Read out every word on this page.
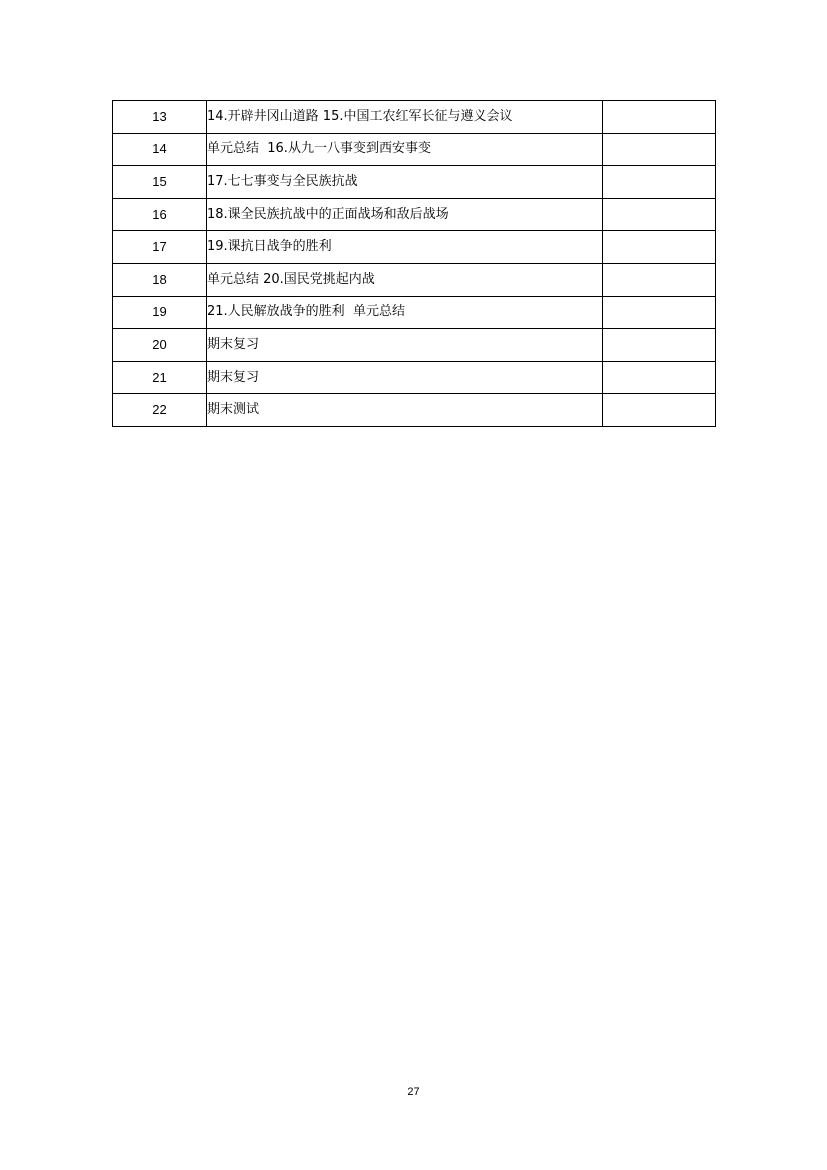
13	14.开辟井冈山道路 15.中国工农红军长征与遵义会议	
14	单元总结  16.从九一八事变到西安事变	
15	17.七七事变与全民族抗战	
16	18.课全民族抗战中的正面战场和敌后战场	
17	19.课抗日战争的胜利	
18	单元总结 20.国民党挑起内战	
19	21.人民解放战争的胜利  单元总结	
20	期末复习	
21	期末复习	
22	期末测试	
27
